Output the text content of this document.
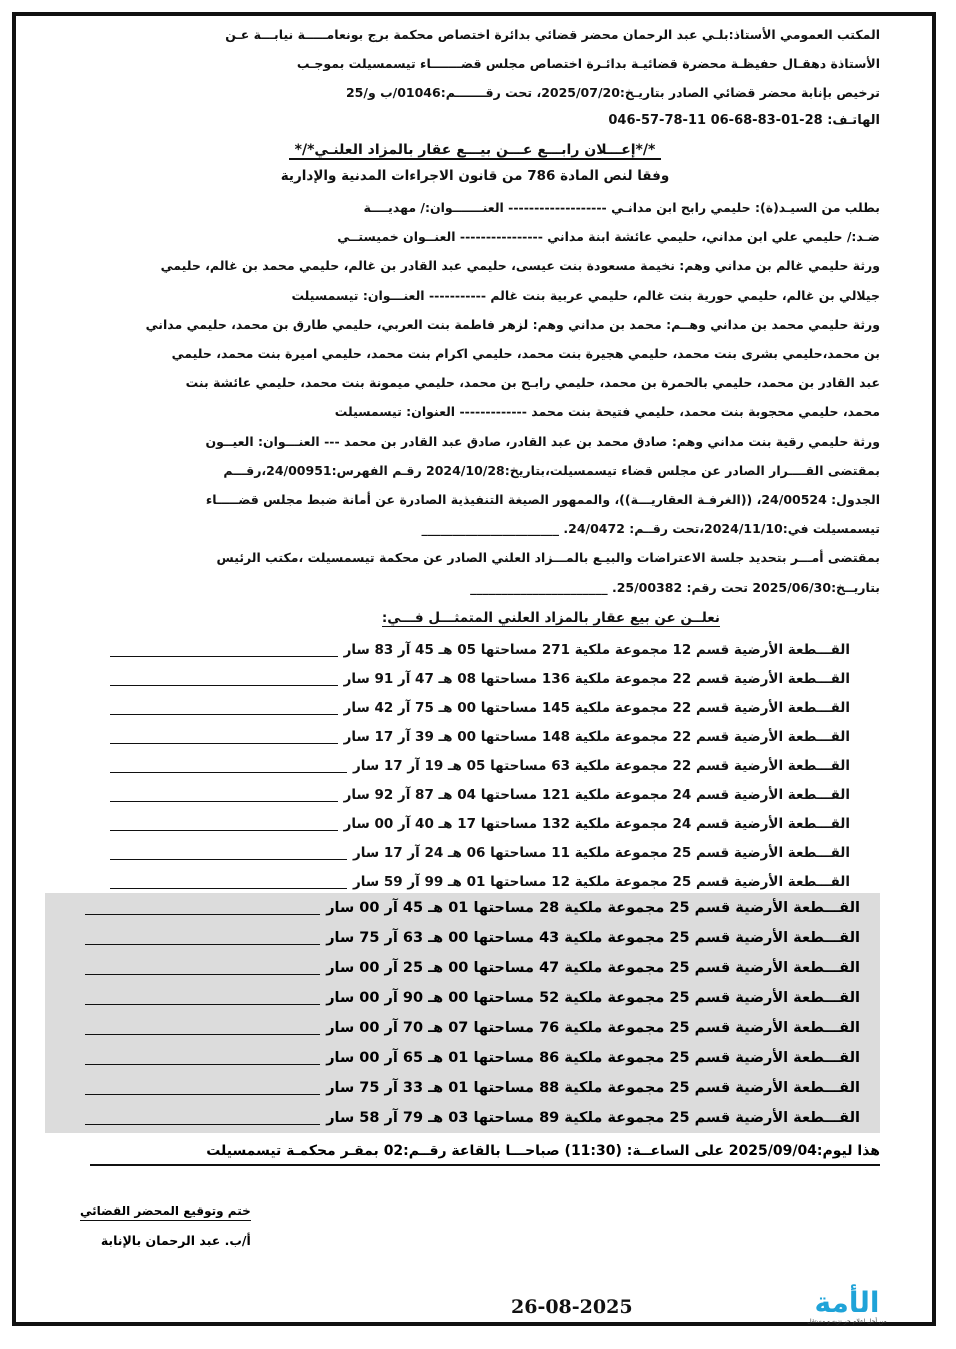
المكتب العمومي الأستاذ:بلـي عبد الرحمان محضر قضائي بدائرة اختصاص محكمة برج بونعامـــــة نيابـــة عـن
الأستاذة دهقـال حفيظـة محضرة قضائيـة بدائـرة اختصاص مجلس قضـــــــاء تيسمسيلت بموجـب
ترخيص بإنابة محضر قضائي الصادر بتاريـخ:2025/07/20، تحت رقـــــــم:01046/ب و/25
الهاتـف: 28-01-83-68-06 11-78-57-046
*/*إعـــلان رابـــع عـــن بيـــع عقار بالمزاد العلنـي*/*
وفقا لنص المادة 786 من قانون الاجراءات المدنية والإدارية
بطلب من السيـد(ة): حليمي رابح ابن مدانـي ------------------- العنـــــــوان:/ مهديــــة
ضـد:/ حليمي علي ابن مداني، حليمي عائشة ابنة مداني ---------------- العنــوان خميستــي
ورثة حليمي غالم بن مداني وهم: نخيمة مسعودة بنت عيسى، حليمي عبد القادر بن غالم، حليمي محمد بن غالم، حليمي
جيلالي بن غالم، حليمي حورية بنت غالم، حليمي عربية بنت غالم ----------- العنـــوان: تيسمسيلت
ورثة حليمي محمد بن مداني وهــم: محمد بن مداني وهم: لزهر فاطمة بنت العربي، حليمي طارق بن محمد، حليمي مداني
بن محمد،حليمي بشرى بنت محمد، حليمي هجيرة بنت محمد، حليمي اكرام بنت محمد، حليمي اميرة بنت محمد، حليمي
عبد القادر بن محمد، حليمي بالحمرة بن محمد، حليمي رابـح بن محمد، حليمي ميمونة بنت محمد، حليمي عائشة بنت
محمد، حليمي محجوبة بنت محمد، حليمي فتيحة بنت محمد ------------- العنوان: تيسمسيلت
ورثة حليمي رقية بنت مداني وهم: صادق محمد بن عبد القادر، صادق عبد القادر بن محمد --- العنـــوان: العيــون
بمقتضى القــــرار الصادر عن مجلس قضاء تيسمسيلت،بتاريخ:2024/10/28 رقـم الفهرس:24/00951،رقـــم
الجدول: 24/00524، ((الغرفـة العقاريـــة))، والممهور الصيغة التنفيذية الصادرة عن أمانة ضبط مجلس قضـــــاء
تيسمسيلت في:2024/11/10،تحت رقــم: 24/0472. ______________________
بمقتضى أمـــر بتحديد جلسة الاعتراضات والبيـع بالمـــزاد العلني الصادر عن محكمة تيسمسيلت ،مكتب الرئيس
بتاريــخ:2025/06/30 تحت رقم: 25/00382. ______________________
نعلــن عن بيع عقار بالمزاد العلني المتمثـــل فـــي:
القـــطعة الأرضية قسم 12 مجموعة ملكية 271 مساحتها 05 هـ 45 آر 83 سار
القـــطعة الأرضية قسم 22 مجموعة ملكية 136 مساحتها 08 هـ 47 آر 91 سار
القـــطعة الأرضية قسم 22 مجموعة ملكية 145 مساحتها 00 هـ 75 آر 42 سار
القـــطعة الأرضية قسم 22 مجموعة ملكية 148 مساحتها 00 هـ 39 آر 17 سار
القـــطعة الأرضية قسم 22 مجموعة ملكية 63 مساحتها 05 هـ 19 آر 17 سار
القـــطعة الأرضية قسم 24 مجموعة ملكية 121 مساحتها 04 هـ 87 آر 92 سار
القـــطعة الأرضية قسم 24 مجموعة ملكية 132 مساحتها 17 هـ 40 آر 00 سار
القـــطعة الأرضية قسم 25 مجموعة ملكية 11 مساحتها 06 هـ 24 آر 17 سار
القـــطعة الأرضية قسم 25 مجموعة ملكية 12 مساحتها 01 هـ 99 آر 59 سار
القـــطعة الأرضية قسم 25 مجموعة ملكية 28 مساحتها 01 هـ 45 آر 00 سار
القـــطعة الأرضية قسم 25 مجموعة ملكية 43 مساحتها 00 هـ 63 آر 75 سار
القـــطعة الأرضية قسم 25 مجموعة ملكية 47 مساحتها 00 هـ 25 آر 00 سار
القـــطعة الأرضية قسم 25 مجموعة ملكية 52 مساحتها 00 هـ 90 آر 00 سار
القـــطعة الأرضية قسم 25 مجموعة ملكية 76 مساحتها 07 هـ 70 آر 00 سار
القـــطعة الأرضية قسم 25 مجموعة ملكية 86 مساحتها 01 هـ 65 آر 00 سار
القـــطعة الأرضية قسم 25 مجموعة ملكية 88 مساحتها 01 هـ 33 آر 75 سار
القـــطعة الأرضية قسم 25 مجموعة ملكية 89 مساحتها 03 هـ 79 آر 58 سار
هذا ليوم:2025/09/04 على الساعــة: (11:30) صباحـــا بالقاعة رقــم:02 بمقـر محكمـة تيسمسيلت
ختم وتوقيع المحضر القضائي
أ/ب. عبد الرحمان بالإنابة
الأمة
من أجل اعلام حر نزيه و مستقل
26-08-2025
